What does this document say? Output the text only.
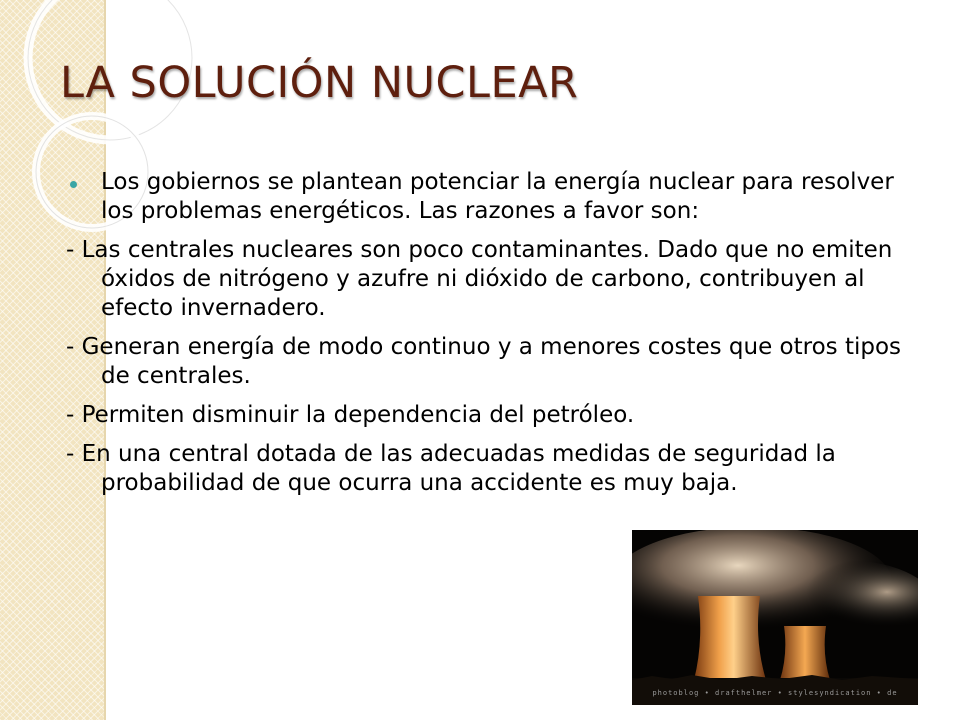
LA SOLUCIÓN NUCLEAR

Los gobiernos se plantean potenciar la energía nuclear para resolver los problemas energéticos. Las razones a favor son:

- Las centrales nucleares son poco contaminantes. Dado que no emiten óxidos de nitrógeno y azufre ni dióxido de carbono, contribuyen al efecto invernadero.

- Generan energía de modo continuo y a menores costes que otros tipos de centrales.

- Permiten disminuir la dependencia del petróleo.

- En una central dotada de las adecuadas medidas de seguridad la probabilidad de que ocurra una accidente es muy baja.

photoblog • drafthelmer • stylesyndication • de
